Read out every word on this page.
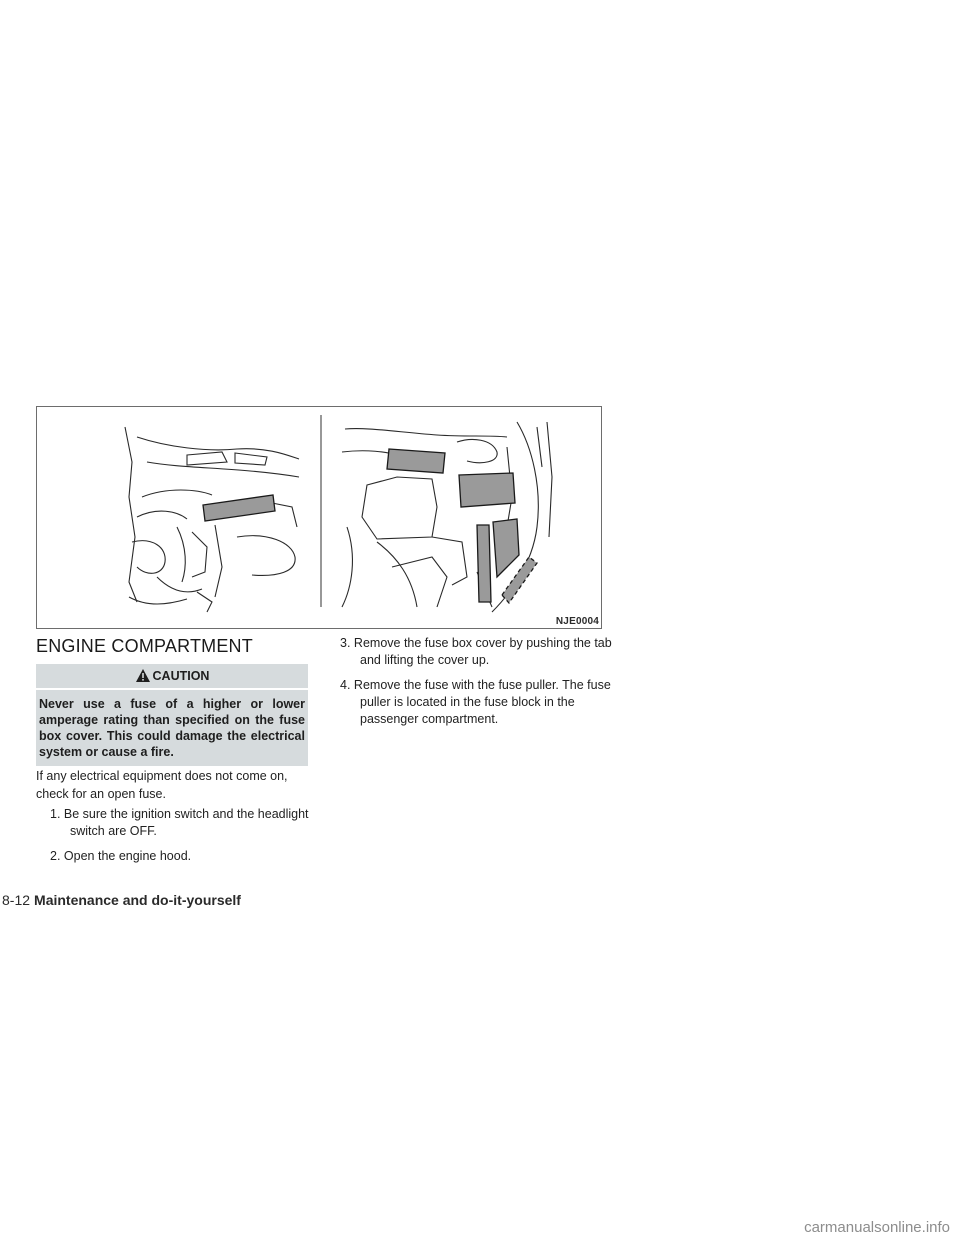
NJE0004
ENGINE COMPARTMENT
CAUTION
Never use a fuse of a higher or lower amperage rating than specified on the fuse box cover. This could damage the electrical system or cause a fire.
If any electrical equipment does not come on, check for an open fuse.
1. Be sure the ignition switch and the headlight switch are OFF.
2. Open the engine hood.
3. Remove the fuse box cover by pushing the tab and lifting the cover up.
4. Remove the fuse with the fuse puller. The fuse puller is located in the fuse block in the passenger compartment.
8-12 Maintenance and do-it-yourself
carmanualsonline.info
